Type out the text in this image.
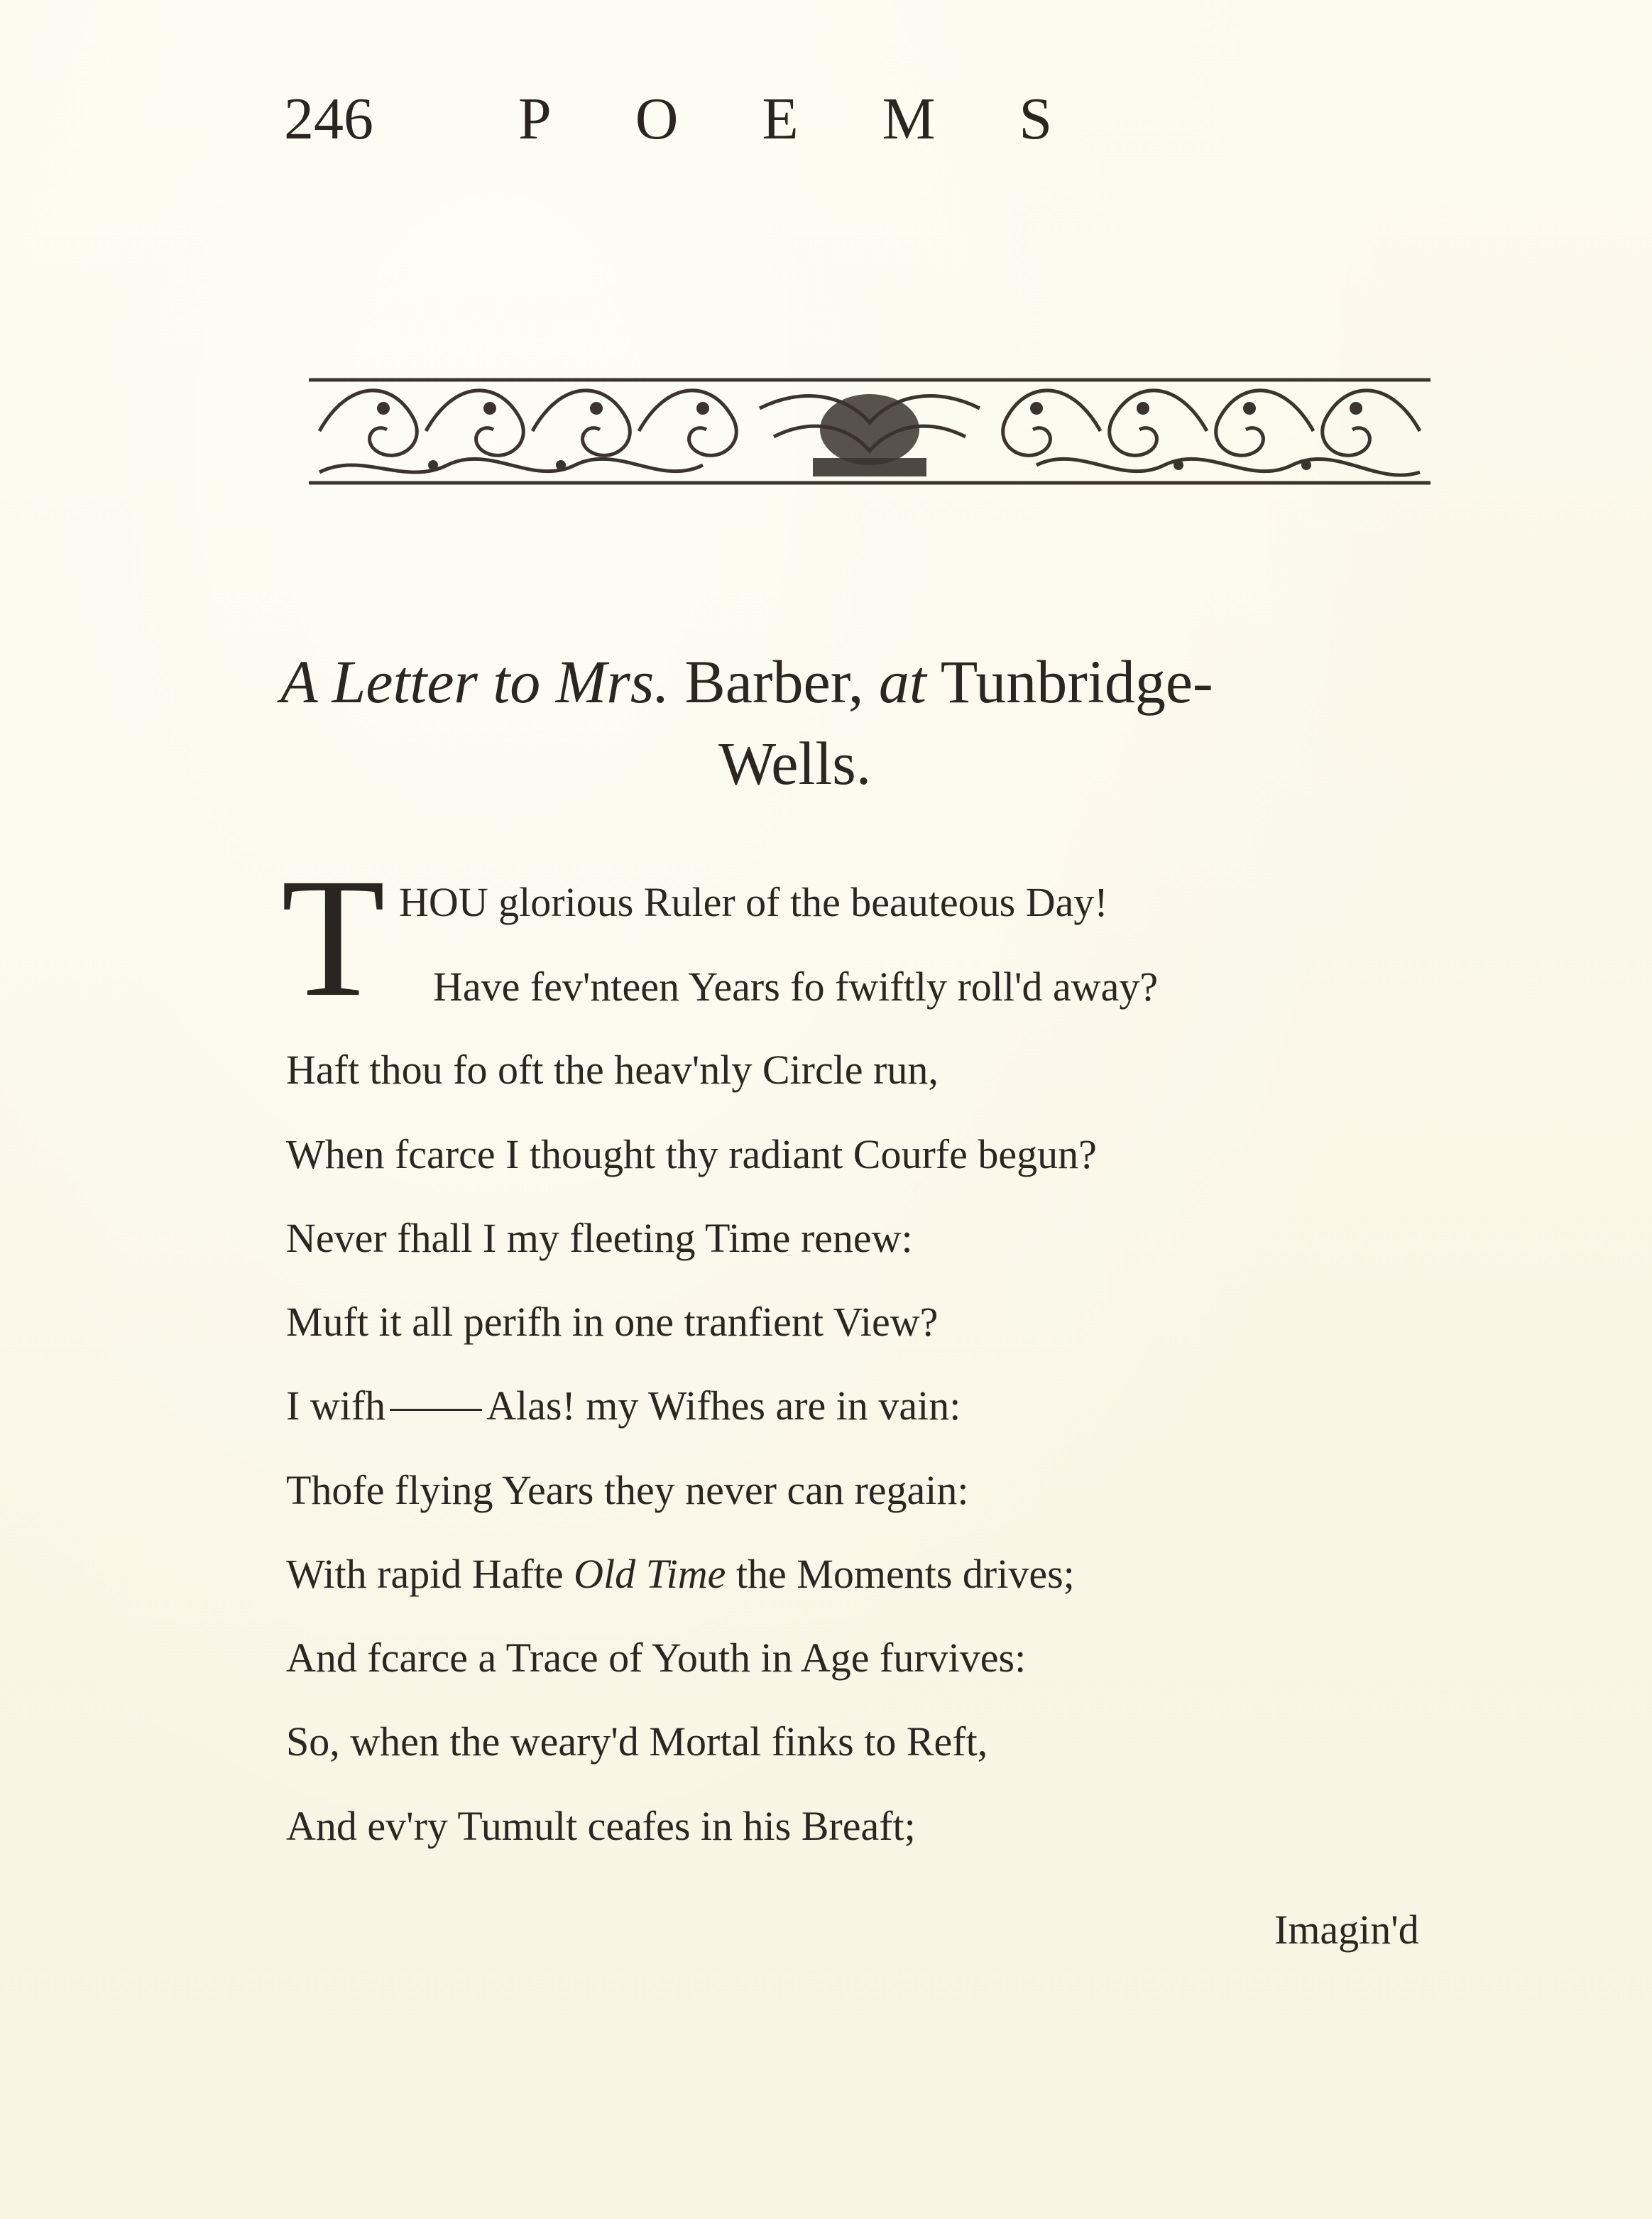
246 POEMS
A Letter to Mrs. Barber, at Tunbridge-
Wells.
T HOU glorious Ruler of the beauteous Day!
Have fev'nteen Years fo fwiftly roll'd away?
Haft thou fo oft the heav'nly Circle run,
When fcarce I thought thy radiant Courfe begun?
Never fhall I my fleeting Time renew:
Muft it all perifh in one tranfient View?
I wifh Alas! my Wifhes are in vain:
Thofe flying Years they never can regain:
With rapid Hafte Old Time the Moments drives;
And fcarce a Trace of Youth in Age furvives:
So, when the weary'd Mortal finks to Reft,
And ev'ry Tumult ceafes in his Breaft;
Imagin'd
